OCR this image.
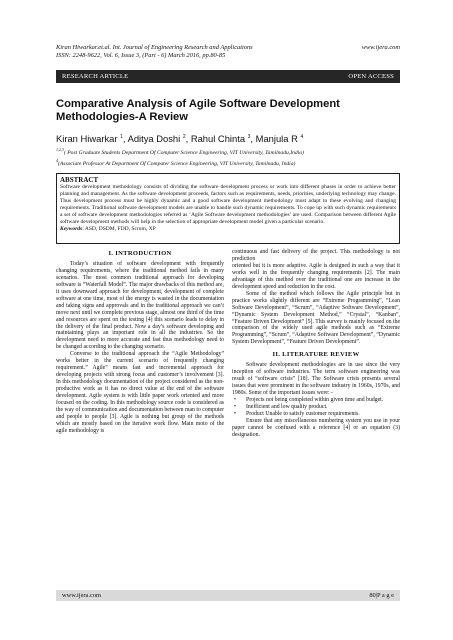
Kiran Hiwarkar.et.al. Int. Journal of Engineering Research and Applications	www.ijera.com
ISSN: 2248-9622, Vol. 6, Issue 3, (Part - 6) March 2016, pp.80-85
RESEARCH ARTICLE	OPEN ACCESS
Comparative Analysis of Agile Software Development Methodologies-A Review
Kiran Hiwarkar $^1$, Aditya Doshi $^2$, Rahul Chinta $^3$, Manjula R $^4$
$^{1,2,3}$( Post Graduate Students Department Of Computer Science Engineering, VIT University, Tamilnadu,India)
$^4$(Associate Professor At Department Of Computer Science Engineering, VIT University, Tamilnadu, India)
ABSTRACT
Software development methodology consists of dividing the software development process or work into different phases in order to achieve better planning and management. As the software development proceeds, factors such as requirements, needs, priorities, underlying technology may change. Thus development process must be highly dynamic and a good software development methodology must adapt to these evolving and changing requirements. Traditional software development models are unable to handle such dynamic requirements. To cope up with such dynamic requirements a set of software development methodologies referred as ‘Agile Software development methodologies’ are used. Comparison between different Agile software development methods will help in the selection of appropriate development model given a particular scenario.
Keywords: ASD, DSDM, FDD, Scrum, XP
I. INTRODUCTION
Today’s situation of software development with frequently changing requirements, where the traditional method fails in many scenarios. The most common traditional approach for developing software is “Waterfall Model”. The major drawbacks of this method are, it uses downward approach for development, development of complete software at one time, most of the energy is wasted in the documentation and taking signs and approvals and in the traditional approach we can’t move next until we complete previous stage, almost one third of the time and resources are spent on the testing [4] this scenario leads to delay in the delivery of the final product. Now a day’s software developing and maintaining plays an important role in all the industries. So the development need to more accurate and fast thus methodology need to be changed according to the changing scenario.
Converse to the traditional approach the “Agile Methodology” works better in the current scenario of frequently changing requirement.” Agile” means fast and incremental approach for developing projects with strong focus and customer’s involvement [3]. In this methodology documentation of the project considered as the non-productive work as it has no direct value at the end of the software development. Agile system is with little paper work oriented and more focused on the coding. In this methodology source code is considered as the way of communication and documentation between man to computer and people to people [3]. Agile is nothing but group of the methods which are mostly based on the iterative work flow. Main moto of the agile methodology is
continuous and fast delivery of the project. This methodology is not prediction
oriented but it is more adaptive. Agile is designed in such a way that it works well in the frequently changing requirements [2]. The main advantage of this method over the traditional one are increase in the development speed and reduction in the cost.
Some of the method which follows the Agile principle but in practice works slightly different are “Extreme Programming”, “Lean Software Development”, “Scrum”, “Adaptive Software Development”, “Dynamic System Development Method,” “Crystal”, “Kanban”, “Feature Driven Development” [5]. This survey is mainly focused on the comparison of the widely used agile methods such as “Extreme Programming”, “Scrum”, “Adaptive Software Development”, “Dynamic System Development”, “Feature Driven Development”.
II. LITERATURE REVIEW
Software development methodologies are in use since the very inception of software industries. The term software engineering was result of “software crisis” [18]. The Software crisis presents several issues that were prominent in the software industry in 1960s, 1970s, and 1980s. Some of the important issues were: -
• Projects not being completed within given time and budget.
• Inefficient and low quality product.
• Product Unable to satisfy customer requirements.
Ensure that any miscellaneous numbering system you use in your paper cannot be confused with a reference [4] or an equation (3) designation.
www.ijera.com	80|P a g e
